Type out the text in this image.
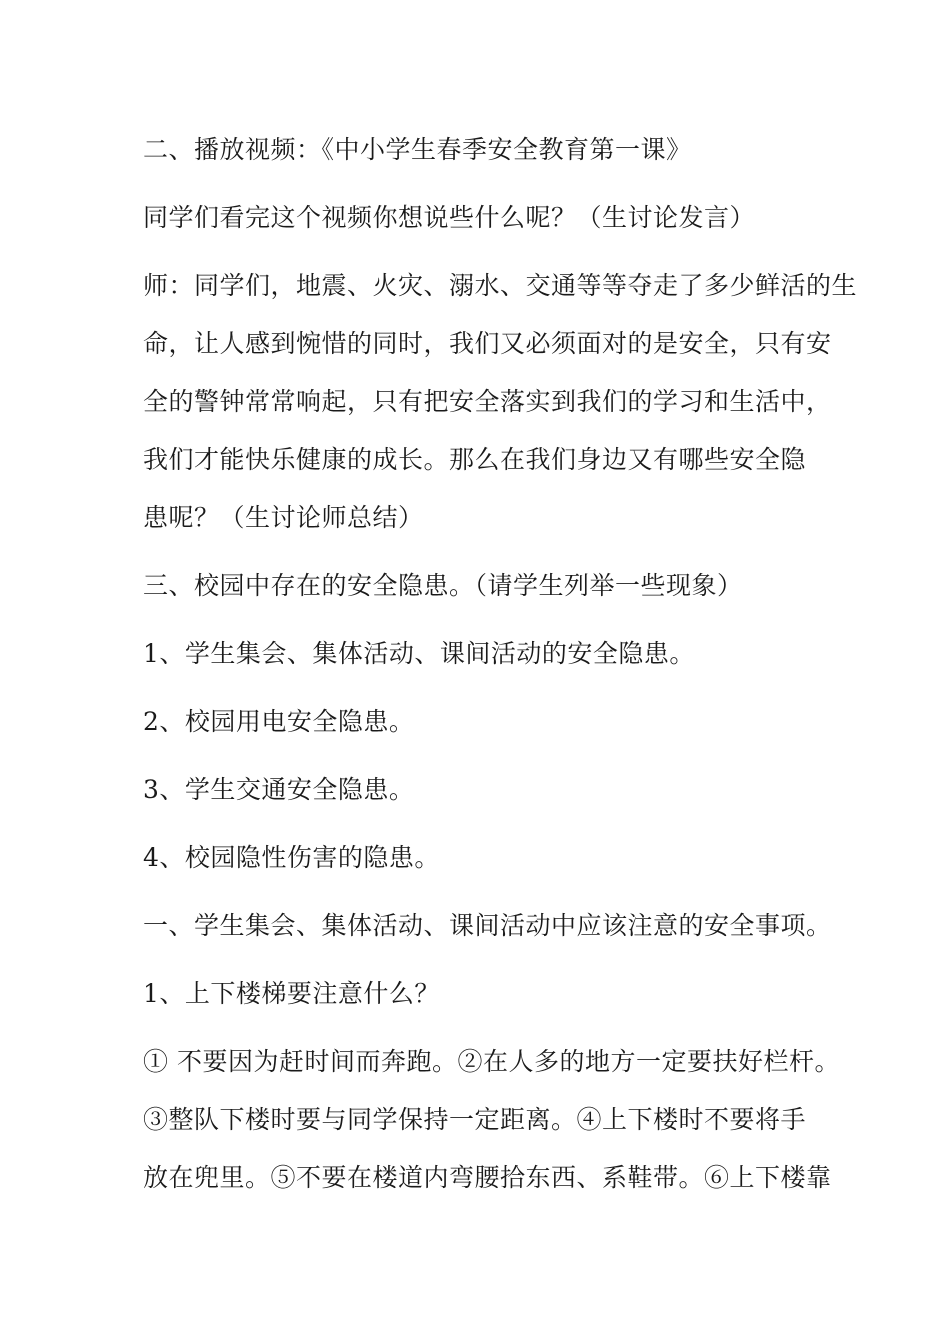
二、播放视频：《中小学生春季安全教育第一课》

同学们看完这个视频你想说些什么呢？（生讨论发言）

师：同学们，地震、火灾、溺水、交通等等夺走了多少鲜活的生
命，让人感到惋惜的同时，我们又必须面对的是安全，只有安
全的警钟常常响起，只有把安全落实到我们的学习和生活中，
我们才能快乐健康的成长。那么在我们身边又有哪些安全隐
患呢？（生讨论师总结）

三、校园中存在的安全隐患。（请学生列举一些现象）

1、学生集会、集体活动、课间活动的安全隐患。

2、校园用电安全隐患。

3、学生交通安全隐患。

4、校园隐性伤害的隐患。

一、学生集会、集体活动、课间活动中应该注意的安全事项。

1、上下楼梯要注意什么？

① 不要因为赶时间而奔跑。②在人多的地方一定要扶好栏杆。
③整队下楼时要与同学保持一定距离。④上下楼时不要将手
放在兜里。⑤不要在楼道内弯腰拾东西、系鞋带。⑥上下楼靠
